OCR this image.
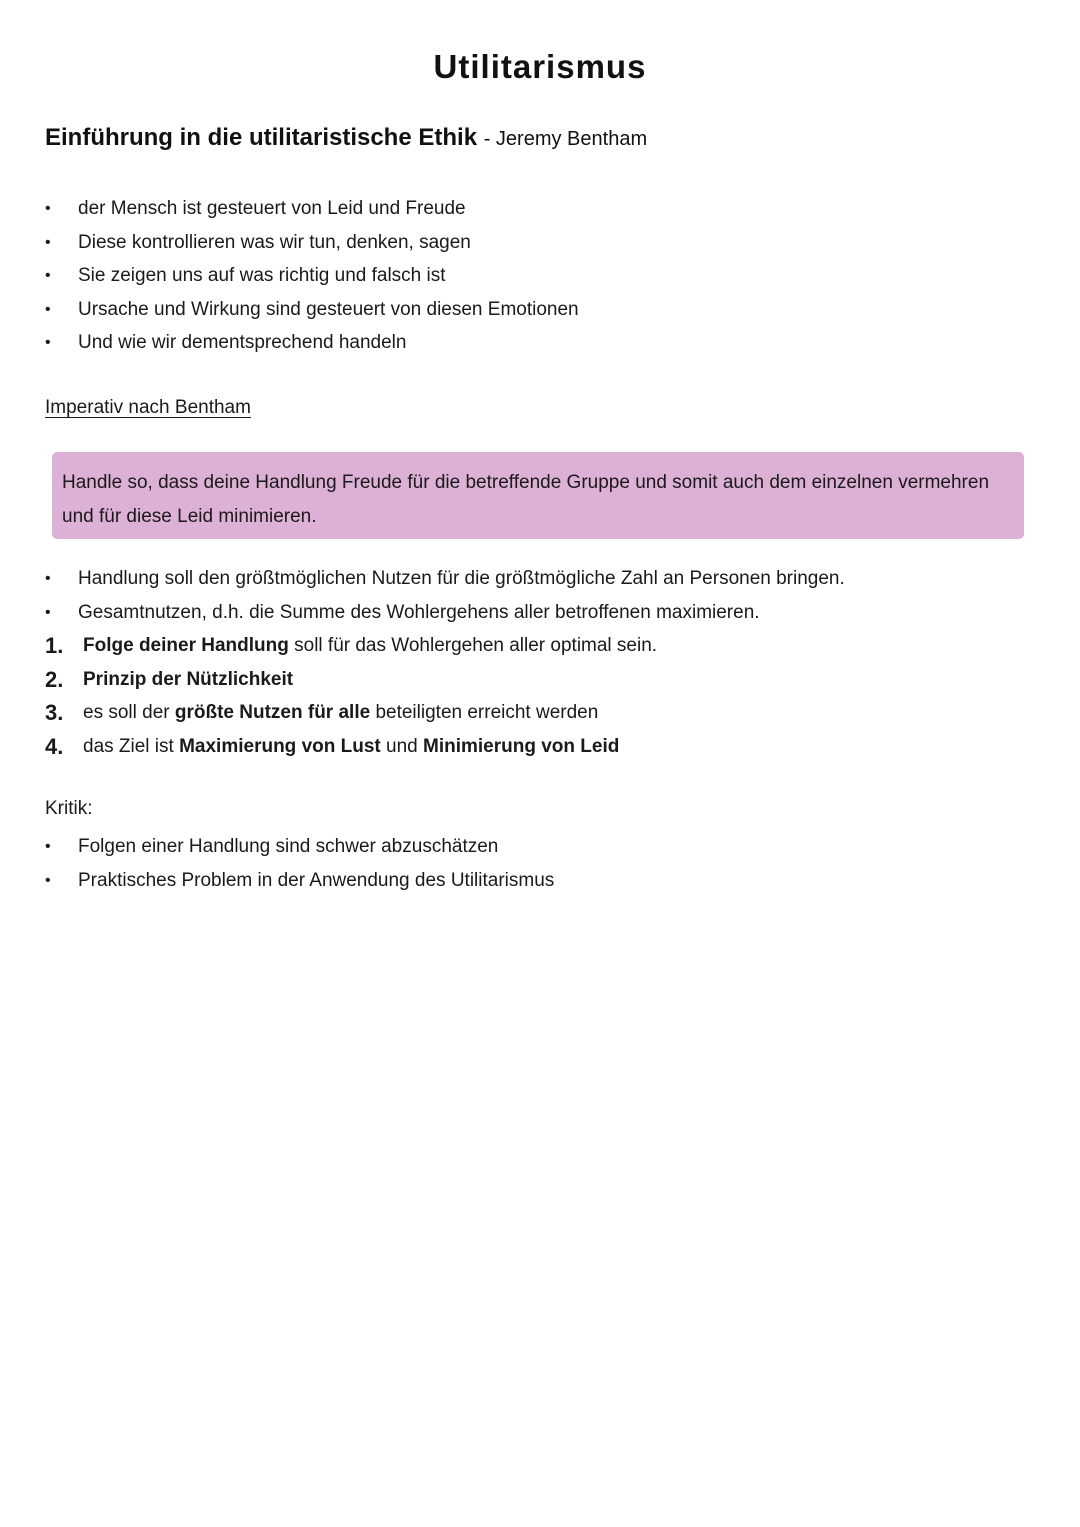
Utilitarismus
Einführung in die utilitaristische Ethik - Jeremy Bentham
• der Mensch ist gesteuert von Leid und Freude
• Diese kontrollieren was wir tun, denken, sagen
• Sie zeigen uns auf was richtig und falsch ist
• Ursache und Wirkung sind gesteuert von diesen Emotionen
• Und wie wir dementsprechend handeln
Imperativ nach Bentham
Handle so, dass deine Handlung Freude für die betreffende Gruppe und somit auch dem einzelnen vermehren und für diese Leid minimieren.
• Handlung soll den größtmöglichen Nutzen für die größtmögliche Zahl an Personen bringen.
• Gesamtnutzen, d.h. die Summe des Wohlergehens aller betroffenen maximieren.
1. Folge deiner Handlung soll für das Wohlergehen aller optimal sein.
2. Prinzip der Nützlichkeit
3. es soll der größte Nutzen für alle beteiligten erreicht werden
4. das Ziel ist Maximierung von Lust und Minimierung von Leid
Kritik:
• Folgen einer Handlung sind schwer abzuschätzen
• Praktisches Problem in der Anwendung des Utilitarismus
